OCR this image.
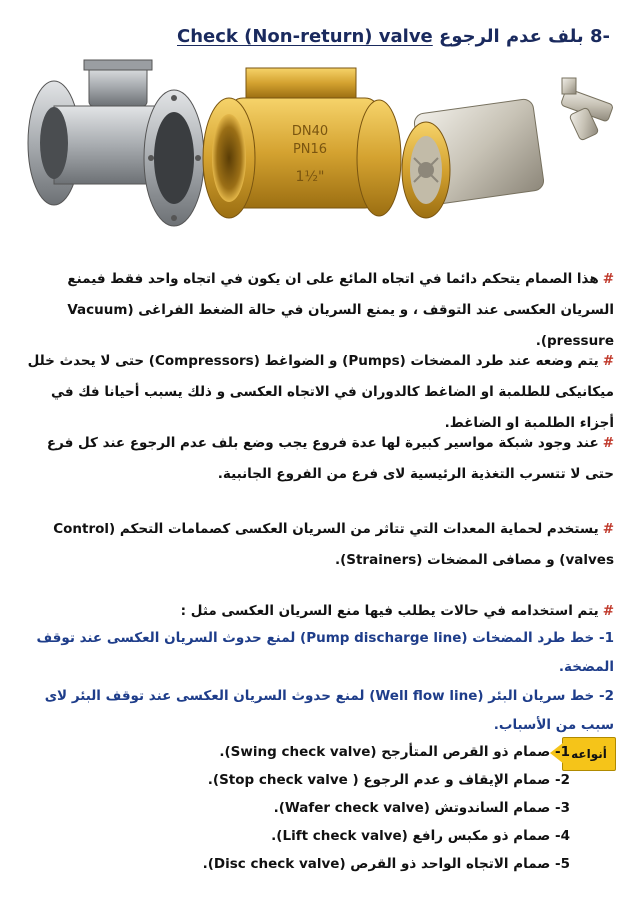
-8 بلف عدم الرجوع Check (Non-return) valve
DN40
PN16
1½"
#هذا الصمام يتحكم دائما في اتجاه المائع على ان يكون في اتجاه واحد فقط فيمنع السريان العكسى عند التوقف ، و يمنع السريان في حالة الضغط الفراغى (Vacuum pressure).
#يتم وضعه عند طرد المضخات (Pumps) و الضواغط (Compressors) حتى لا يحدث خلل ميكانيكى للطلمبة او الضاغط كالدوران في الاتجاه العكسى و ذلك يسبب أحيانا فك في أجزاء الطلمبة او الضاغط.
#عند وجود شبكة مواسير كبيرة لها عدة فروع يجب وضع بلف عدم الرجوع عند كل فرع حتى لا تتسرب التغذية الرئيسية لاى فرع من الفروع الجانبية.
#يستخدم لحماية المعدات التي تتاثر من السريان العكسى كصمامات التحكم (Control valves) و مصافى المضخات (Strainers).
#يتم استخدامه في حالات يطلب فيها منع السريان العكسى مثل :
1- خط طرد المضخات (Pump discharge line) لمنع حدوث السريان العكسى عند توقف المضخة.
2- خط سريان البئر (Well flow line) لمنع حدوث السريان العكسى عند توقف البئر لاى سبب من الأسباب.
أنواعه
1- صمام ذو القرص المتأرجح (Swing check valve).
2- صمام الإيقاف و عدم الرجوع ( Stop check valve).
3- صمام الساندوتش (Wafer check valve).
4- صمام ذو مكبس رافع (Lift check valve).
5- صمام الاتجاه الواحد ذو القرص (Disc check valve).
